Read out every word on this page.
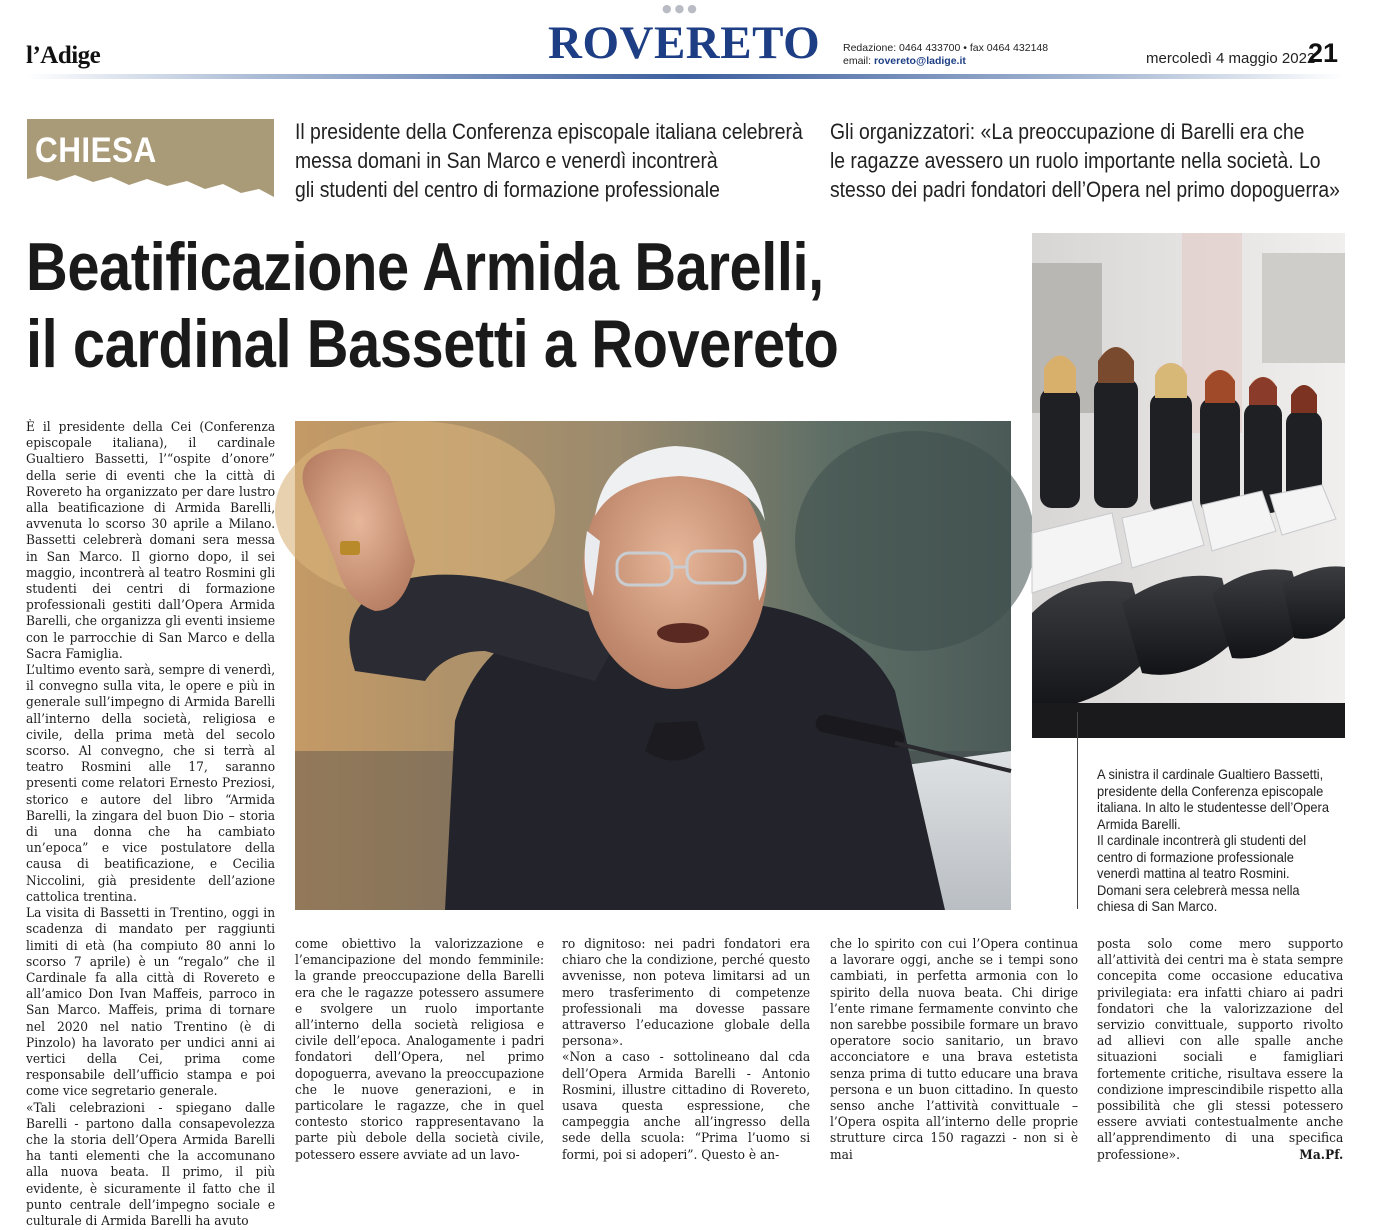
l’Adige
●●●
ROVERETO Redazione: 0464 433700 • fax 0464 432148
email: rovereto@ladige.it	mercoledì 4 maggio 2022
21
CHIESA	Il presidente della Conferenza episcopale italiana celebrerà
messa domani in San Marco e venerdì incontrerà
gli studenti del centro di formazione professionale
Gli organizzatori: «La preoccupazione di Barelli era che
le ragazze avessero un ruolo importante nella società. Lo
stesso dei padri fondatori dell’Opera nel primo dopoguerra»
Beatificazione Armida Barelli,
il cardinal Bassetti a Rovereto

A sinistra il cardinale Gualtiero Bassetti, presidente della Conferenza episcopale italiana. In alto le studentesse dell’Opera Armida Barelli.

Il cardinale incontrerà gli studenti del centro di formazione professionale venerdì mattina al teatro Rosmini. Domani sera celebrerà messa nella chiesa di San Marco.

È il presidente della Cei (Conferenza episcopale italiana), il cardinale Gualtiero Bassetti, l’“ospite d’onore” della serie di eventi che la città di Rovereto ha organizzato per dare lustro alla beatificazione di Armida Barelli, avvenuta lo scorso 30 aprile a Milano. Bassetti celebrerà domani sera messa in San Marco. Il giorno dopo, il sei maggio, incontrerà al teatro Rosmini gli studenti dei centri di formazione professionali gestiti dall’Opera Armida Barelli, che organizza gli eventi insieme con le parrocchie di San Marco e della Sacra Famiglia.

L’ultimo evento sarà, sempre di venerdì, il convegno sulla vita, le opere e più in generale sull’impegno di Armida Barelli all’interno della società, religiosa e civile, della prima metà del secolo scorso. Al convegno, che si terrà al teatro Rosmini alle 17, saranno presenti come relatori Ernesto Preziosi, storico e autore del libro “Armida Barelli, la zingara del buon Dio – storia di una donna che ha cambiato un’epoca” e vice postulatore della causa di beatificazione, e Cecilia Niccolini, già presidente dell’azione cattolica trentina.

La visita di Bassetti in Trentino, oggi in scadenza di mandato per raggiunti limiti di età (ha compiuto 80 anni lo scorso 7 aprile) è un “regalo” che il Cardinale fa alla città di Rovereto e all’amico Don Ivan Maffeis, parroco in San Marco. Maffeis, prima di tornare nel 2020 nel natio Trentino (è di Pinzolo) ha lavorato per undici anni ai vertici della Cei, prima come responsabile dell’ufficio stampa e poi come vice segretario generale.

«Tali celebrazioni - spiegano dalle Barelli - partono dalla consapevolezza che la storia dell’Opera Armida Barelli ha tanti elementi che la accomunano alla nuova beata. Il primo, il più evidente, è sicuramente il fatto che il punto centrale dell’impegno sociale e culturale di Armida Barelli ha avuto

come obiettivo la valorizzazione e l’emancipazione del mondo femminile: la grande preoccupazione della Barelli era che le ragazze potessero assumere e svolgere un ruolo importante all’interno della società religiosa e civile dell’epoca. Analogamente i padri fondatori dell’Opera, nel primo dopoguerra, avevano la preoccupazione che le nuove generazioni, e in particolare le ragazze, che in quel contesto storico rappresentavano la parte più debole della società civile, potessero essere avviate ad un lavo-

ro dignitoso: nei padri fondatori era chiaro che la condizione, perché questo avvenisse, non poteva limitarsi ad un mero trasferimento di competenze professionali ma dovesse passare attraverso l’educazione globale della persona».

«Non a caso - sottolineano dal cda dell’Opera Armida Barelli - Antonio Rosmini, illustre cittadino di Rovereto, usava questa espressione, che campeggia anche all’ingresso della sede della scuola: “Prima l’uomo si formi, poi si adoperi”. Questo è an-

che lo spirito con cui l’Opera continua a lavorare oggi, anche se i tempi sono cambiati, in perfetta armonia con lo spirito della nuova beata. Chi dirige l’ente rimane fermamente convinto che non sarebbe possibile formare un bravo operatore socio sanitario, un bravo acconciatore e una brava estetista senza prima di tutto educare una brava persona e un buon cittadino. In questo senso anche l’attività convittuale – l’Opera ospita all’interno delle proprie strutture circa 150 ragazzi - non si è mai

posta solo come mero supporto all’attività dei centri ma è stata sempre concepita come occasione educativa privilegiata: era infatti chiaro ai padri fondatori che la valorizzazione del servizio convittuale, supporto rivolto ad allievi con alle spalle anche situazioni sociali e famigliari fortemente critiche, risultava essere la condizione imprescindibile rispetto alla possibilità che gli stessi potessero essere avviati contestualmente anche all’apprendimento di una specifica professione».	Ma.Pf.
